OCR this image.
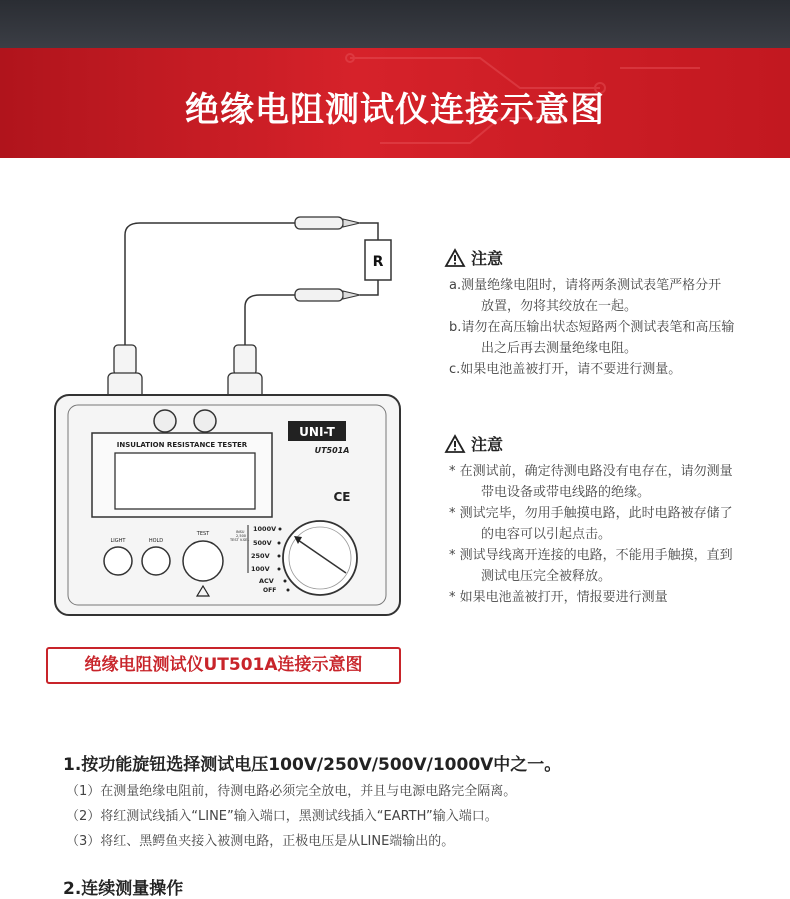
绝缘电阻测试仪连接示意图
R
UNI-T
UT501A
INSULATION RESISTANCE TESTER
CE
LIGHT	HOLD
TEST	INSU
2,500
TEST V.SEL
1000V
500V
250V
100V
ACV
OFF
注意
a.测量绝缘电阻时，请将两条测试表笔严格分开
放置，勿将其绞放在一起。
b.请勿在高压输出状态短路两个测试表笔和高压输
出之后再去测量绝缘电阻。
c.如果电池盖被打开，请不要进行测量。
注意
* 在测试前，确定待测电路没有电存在，请勿测量
带电设备或带电线路的绝缘。
* 测试完毕，勿用手触摸电路，此时电路被存储了
的电容可以引起点击。
* 测试导线离开连接的电路，不能用手触摸，直到
测试电压完全被释放。
* 如果电池盖被打开，情报要进行测量
绝缘电阻测试仪UT501A连接示意图
1.按功能旋钮选择测试电压100V/250V/500V/1000V中之一。
（1）在测量绝缘电阻前，待测电路必须完全放电，并且与电源电路完全隔离。
（2）将红测试线插入“LINE”输入端口，黑测试线插入“EARTH”输入端口。
（3）将红、黑鳄鱼夹接入被测电路，正极电压是从LINE端输出的。
2.连续测量操作
